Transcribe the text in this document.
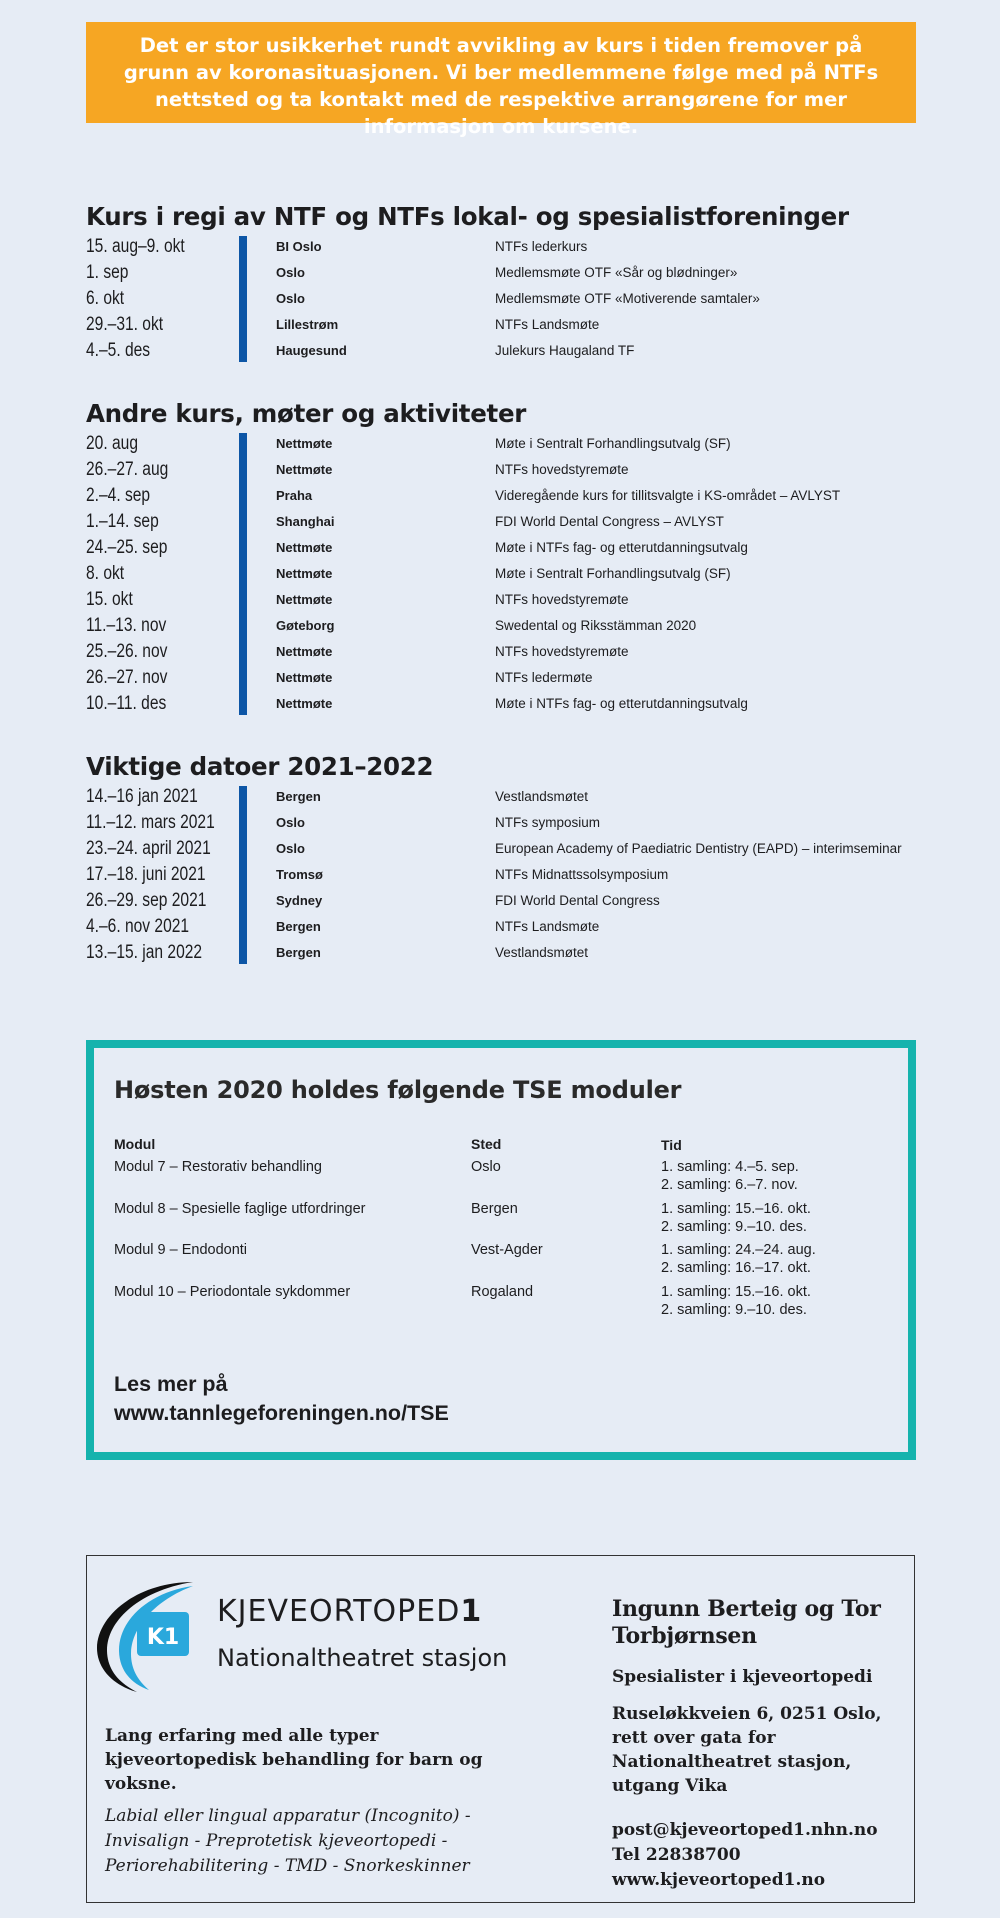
Det er stor usikkerhet rundt avvikling av kurs i tiden fremover på grunn av koronasituasjonen. Vi ber medlemmene følge med på NTFs nettsted og ta kontakt med de respektive arrangørene for mer informasjon om kursene.
Kurs i regi av NTF og NTFs lokal- og spesialistforeninger
15. aug–9. okt	BI Oslo	NTFs lederkurs
1. sep	Oslo	Medlemsmøte OTF «Sår og blødninger»
6. okt	Oslo	Medlemsmøte OTF «Motiverende samtaler»
29.–31. okt	Lillestrøm	NTFs Landsmøte
4.–5. des	Haugesund	Julekurs Haugaland TF
Andre kurs, møter og aktiviteter
20. aug	Nettmøte	Møte i Sentralt Forhandlingsutvalg (SF)
26.–27. aug	Nettmøte	NTFs hovedstyremøte
2.–4. sep	Praha	Videregående kurs for tillitsvalgte i KS-området – AVLYST
1.–14. sep	Shanghai	FDI World Dental Congress – AVLYST
24.–25. sep	Nettmøte	Møte i NTFs fag- og etterutdanningsutvalg
8. okt	Nettmøte	Møte i Sentralt Forhandlingsutvalg (SF)
15. okt	Nettmøte	NTFs hovedstyremøte
11.–13. nov	Gøteborg	Swedental og Riksstämman 2020
25.–26. nov	Nettmøte	NTFs hovedstyremøte
26.–27. nov	Nettmøte	NTFs ledermøte
10.–11. des	Nettmøte	Møte i NTFs fag- og etterutdanningsutvalg
Viktige datoer 2021–2022
14.–16 jan 2021	Bergen	Vestlandsmøtet
11.–12. mars 2021	Oslo	NTFs symposium
23.–24. april 2021	Oslo	European Academy of Paediatric Dentistry (EAPD) – interimseminar
17.–18. juni 2021	Tromsø	NTFs Midnattssolsymposium
26.–29. sep 2021	Sydney	FDI World Dental Congress
4.–6. nov 2021	Bergen	NTFs Landsmøte
13.–15. jan 2022	Bergen	Vestlandsmøtet
Høsten 2020 holdes følgende TSE moduler
Modul	Sted	Tid
Modul 7 – Restorativ behandling	Oslo	1. samling: 4.–5. sep.
2. samling: 6.–7. nov.
Modul 8 – Spesielle faglige utfordringer	Bergen	1. samling: 15.–16. okt.
2. samling: 9.–10. des.
Modul 9 – Endodonti	Vest-Agder	1. samling: 24.–24. aug.
2. samling: 16.–17. okt.
Modul 10 – Periodontale sykdommer	Rogaland	1. samling: 15.–16. okt.
2. samling: 9.–10. des.

Les mer på
www.tannlegeforeningen.no/TSE

K1
KJEVEORTOPED1
Nationaltheatret stasjon
Lang erfaring med alle typer kjeveortopedisk behandling for barn og voksne.
Labial eller lingual apparatur (Incognito) - Invisalign - Preprotetisk kjeveortopedi - Periorehabilitering - TMD - Snorkeskinner
Ingunn Berteig og Tor Torbjørnsen
Spesialister i kjeveortopedi
Ruseløkkveien 6, 0251 Oslo, rett over gata for Nationaltheatret stasjon, utgang Vika
post@kjeveortoped1.nhn.no
Tel 22838700
www.kjeveortoped1.no
